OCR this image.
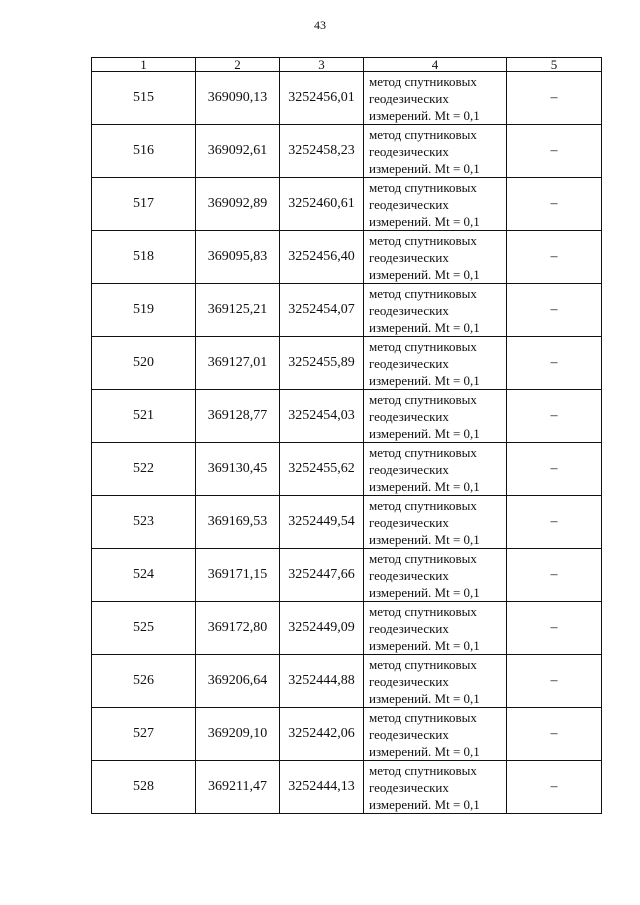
43
1	2	3	4	5
515	369090,13	3252456,01	метод спутниковых
геодезических
измерений. Mt = 0,1	–
516	369092,61	3252458,23	метод спутниковых
геодезических
измерений. Mt = 0,1	–
517	369092,89	3252460,61	метод спутниковых
геодезических
измерений. Mt = 0,1	–
518	369095,83	3252456,40	метод спутниковых
геодезических
измерений. Mt = 0,1	–
519	369125,21	3252454,07	метод спутниковых
геодезических
измерений. Mt = 0,1	–
520	369127,01	3252455,89	метод спутниковых
геодезических
измерений. Mt = 0,1	–
521	369128,77	3252454,03	метод спутниковых
геодезических
измерений. Mt = 0,1	–
522	369130,45	3252455,62	метод спутниковых
геодезических
измерений. Mt = 0,1	–
523	369169,53	3252449,54	метод спутниковых
геодезических
измерений. Mt = 0,1	–
524	369171,15	3252447,66	метод спутниковых
геодезических
измерений. Mt = 0,1	–
525	369172,80	3252449,09	метод спутниковых
геодезических
измерений. Mt = 0,1	–
526	369206,64	3252444,88	метод спутниковых
геодезических
измерений. Mt = 0,1	–
527	369209,10	3252442,06	метод спутниковых
геодезических
измерений. Mt = 0,1	–
528	369211,47	3252444,13	метод спутниковых
геодезических
измерений. Mt = 0,1	–
